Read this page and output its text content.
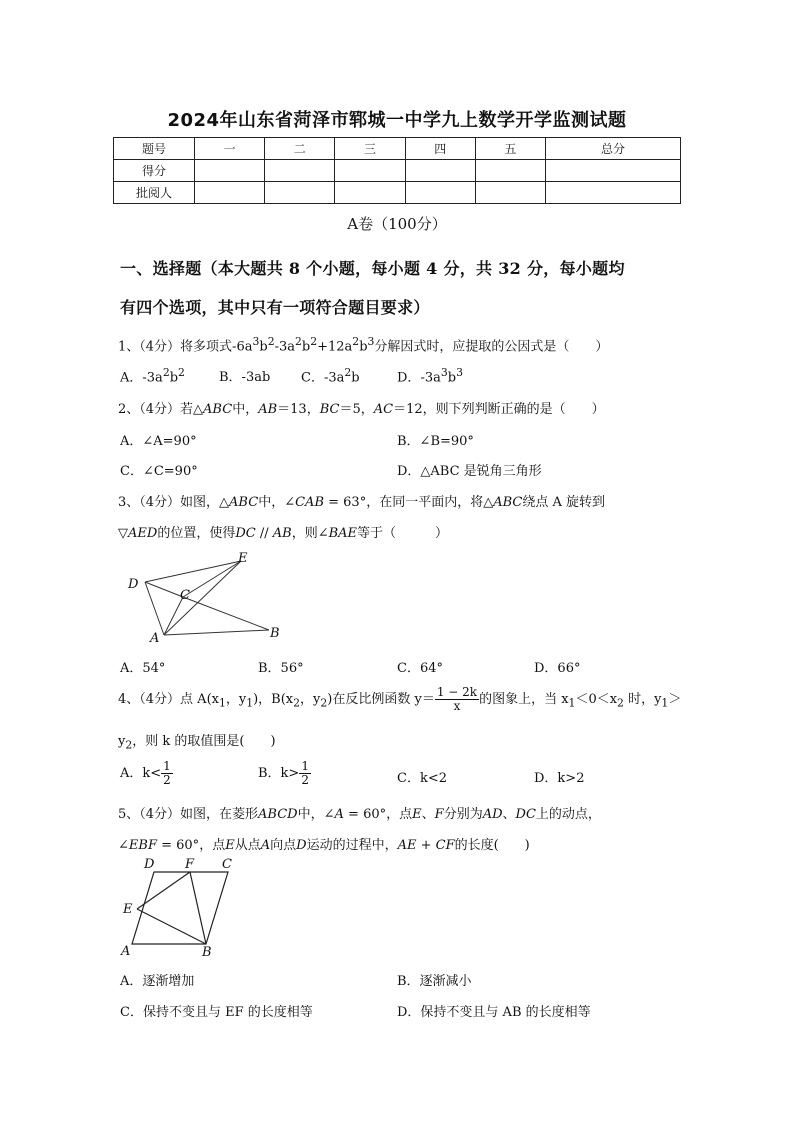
2024年山东省菏泽市郓城一中学九上数学开学监测试题
题号	一	二	三	四	五	总分
得分						
批阅人						
A卷（100分）
一、选择题（本大题共 8 个小题，每小题 4 分，共 32 分，每小题均
有四个选项，其中只有一项符合题目要求）
1、（4分）将多项式$-6a^3b^2-3a^2b^2+12a^2b^3$分解因式时，应提取的公因式是（　　）
A．$-3a^2b^2$	B．-3ab C．$-3a^2b$	D．$-3a^3b^3$
2、（4分）若△ABC中，AB＝13，BC＝5，AC＝12，则下列判断正确的是（　　）
A．∠A=90°	B．∠B=90°
C．∠C=90°	D．△ABC 是锐角三角形
3、（4分）如图，△ABC中，∠CAB = 63°，在同一平面内，将△ABC绕点 A 旋转到
▽AED的位置，使得DC // AB，则∠BAE等于（　　　）
D
E
C
A	B
A．54°	B．56°	C．64°	D．66°
4、（4分）点 $A(x_1$，$y_1$)，$B(x_2$，$y_2$)在反比例函数 $y= \frac{1 - 2k}{x}$ 的图象上，当 $x_1<0<x_2$ 时，$y_1>$
$y_2$，则 k 的取值围是(　　)
A．$k< \frac{1}{2}$	B．$k> \frac{1}{2}$	C．k<2	D．k>2
5、（4分）如图，在菱形ABCD中，∠A = 60°，点E、F分别为AD、DC上的动点，
∠EBF = 60°，点E从点A向点D运动的过程中，AE + CF的长度(　　)
D F C
E
A	B
A．逐渐增加	B．逐渐减小
C．保持不变且与 EF 的长度相等	D．保持不变且与 AB 的长度相等
